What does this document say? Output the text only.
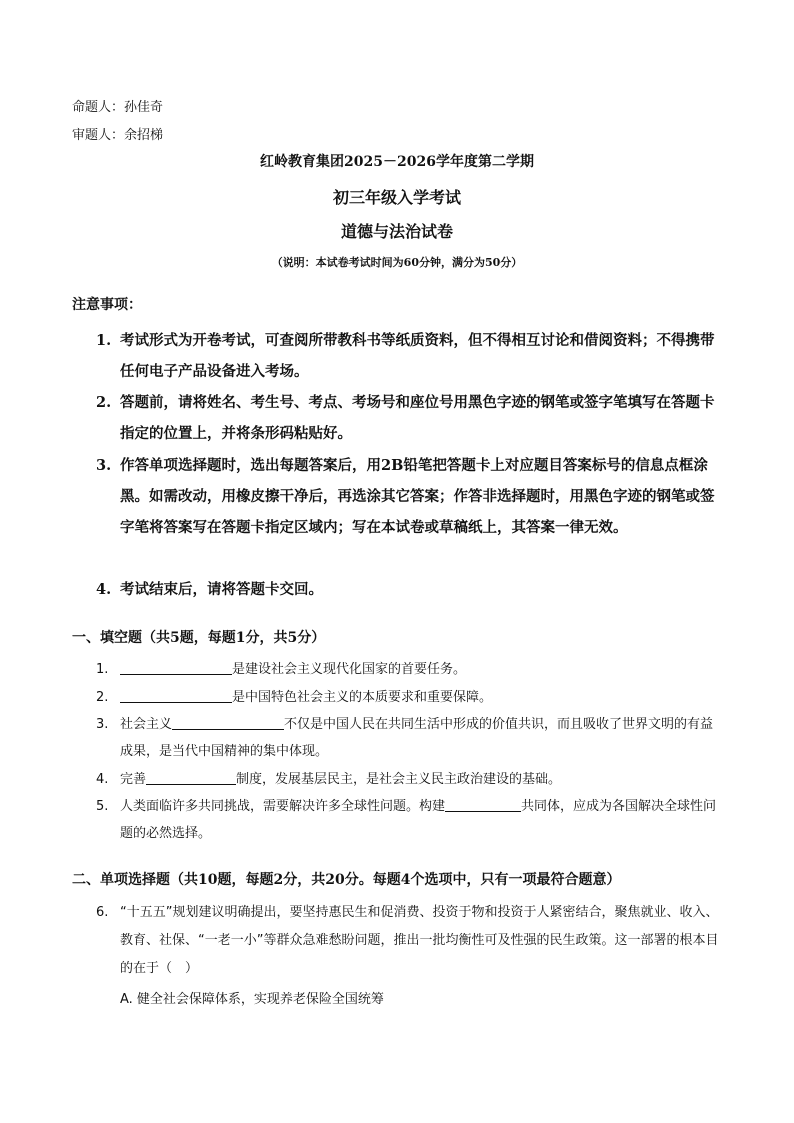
命题人：孙佳奇
审题人：余招梯
红岭教育集团2025－2026学年度第二学期
初三年级入学考试
道德与法治试卷
（说明：本试卷考试时间为60分钟，满分为50分）
注意事项：
1. 考试形式为开卷考试，可查阅所带教科书等纸质资料，但不得相互讨论和借阅资料；不得携带任何电子产品设备进入考场。
2. 答题前，请将姓名、考生号、考点、考场号和座位号用黑色字迹的钢笔或签字笔填写在答题卡指定的位置上，并将条形码粘贴好。
3. 作答单项选择题时，选出每题答案后，用2B铅笔把答题卡上对应题目答案标号的信息点框涂黑。如需改动，用橡皮擦干净后，再选涂其它答案；作答非选择题时，用黑色字迹的钢笔或签字笔将答案写在答题卡指定区域内；写在本试卷或草稿纸上，其答案一律无效。
4. 考试结束后，请将答题卡交回。
一、填空题（共5题，每题1分，共5分）
1.	是建设社会主义现代化国家的首要任务。
2.	是中国特色社会主义的本质要求和重要保障。
3. 社会主义	不仅是中国人民在共同生活中形成的价值共识，而且吸收了世界文明的有益成果，是当代中国精神的集中体现。
4. 完善	制度，发展基层民主，是社会主义民主政治建设的基础。
5. 人类面临许多共同挑战，需要解决许多全球性问题。构建	共同体，应成为各国解决全球性问题的必然选择。
二、单项选择题（共10题，每题2分，共20分。每题4个选项中，只有一项最符合题意）
6. “十五五”规划建议明确提出，要坚持惠民生和促消费、投资于物和投资于人紧密结合，聚焦就业、收入、教育、社保、“一老一小”等群众急难愁盼问题，推出一批均衡性可及性强的民生政策。这一部署的根本目的在于（　）
A. 健全社会保障体系，实现养老保险全国统筹
